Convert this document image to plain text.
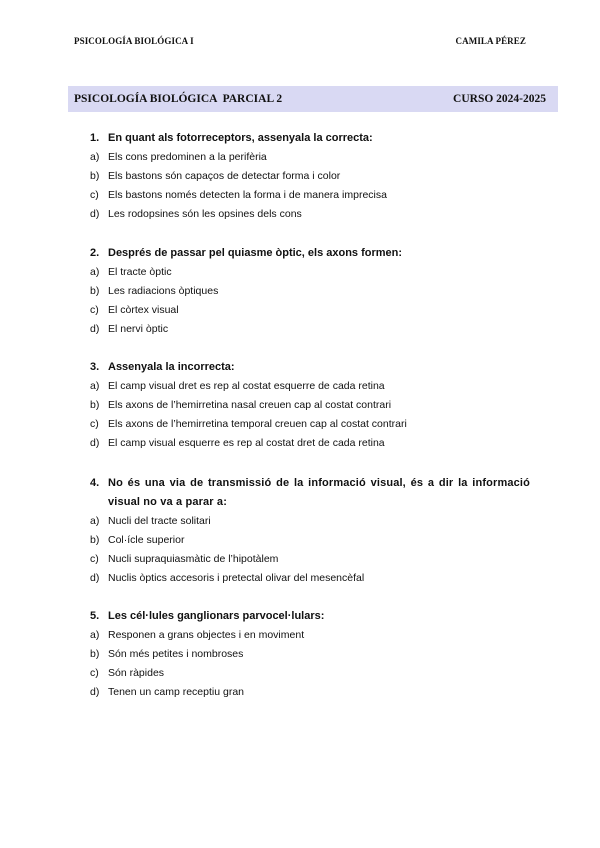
PSICOLOGÍA BIOLÓGICA I	CAMILA PÉREZ
PSICOLOGÍA BIOLÓGICA  PARCIAL 2	CURSO 2024-2025
1. En quant als fotorreceptors, assenyala la correcta:
a) Els cons predominen a la perifèria
b) Els bastons són capaços de detectar forma i color
c) Els bastons només detecten la forma i de manera imprecisa
d) Les rodopsines són les opsines dels cons
2. Després de passar pel quiasme òptic, els axons formen:
a) El tracte òptic
b) Les radiacions òptiques
c) El còrtex visual
d) El nervi òptic
3. Assenyala la incorrecta:
a) El camp visual dret es rep al costat esquerre de cada retina
b) Els axons de l’hemirretina nasal creuen cap al costat contrari
c) Els axons de l’hemirretina temporal creuen cap al costat contrari
d) El camp visual esquerre es rep al costat dret de cada retina
4. No és una via de transmissió de la informació visual, és a dir la informació visual no va a parar a:
a) Nucli del tracte solitari
b) Col·ícle superior
c) Nucli supraquiasmàtic de l’hipotàlem
d) Nuclis òptics accesoris i pretectal olivar del mesencèfal
5. Les cél·lules ganglionars parvocel·lulars:
a) Responen a grans objectes i en moviment
b) Són més petites i nombroses
c) Són ràpides
d) Tenen un camp receptiu gran
